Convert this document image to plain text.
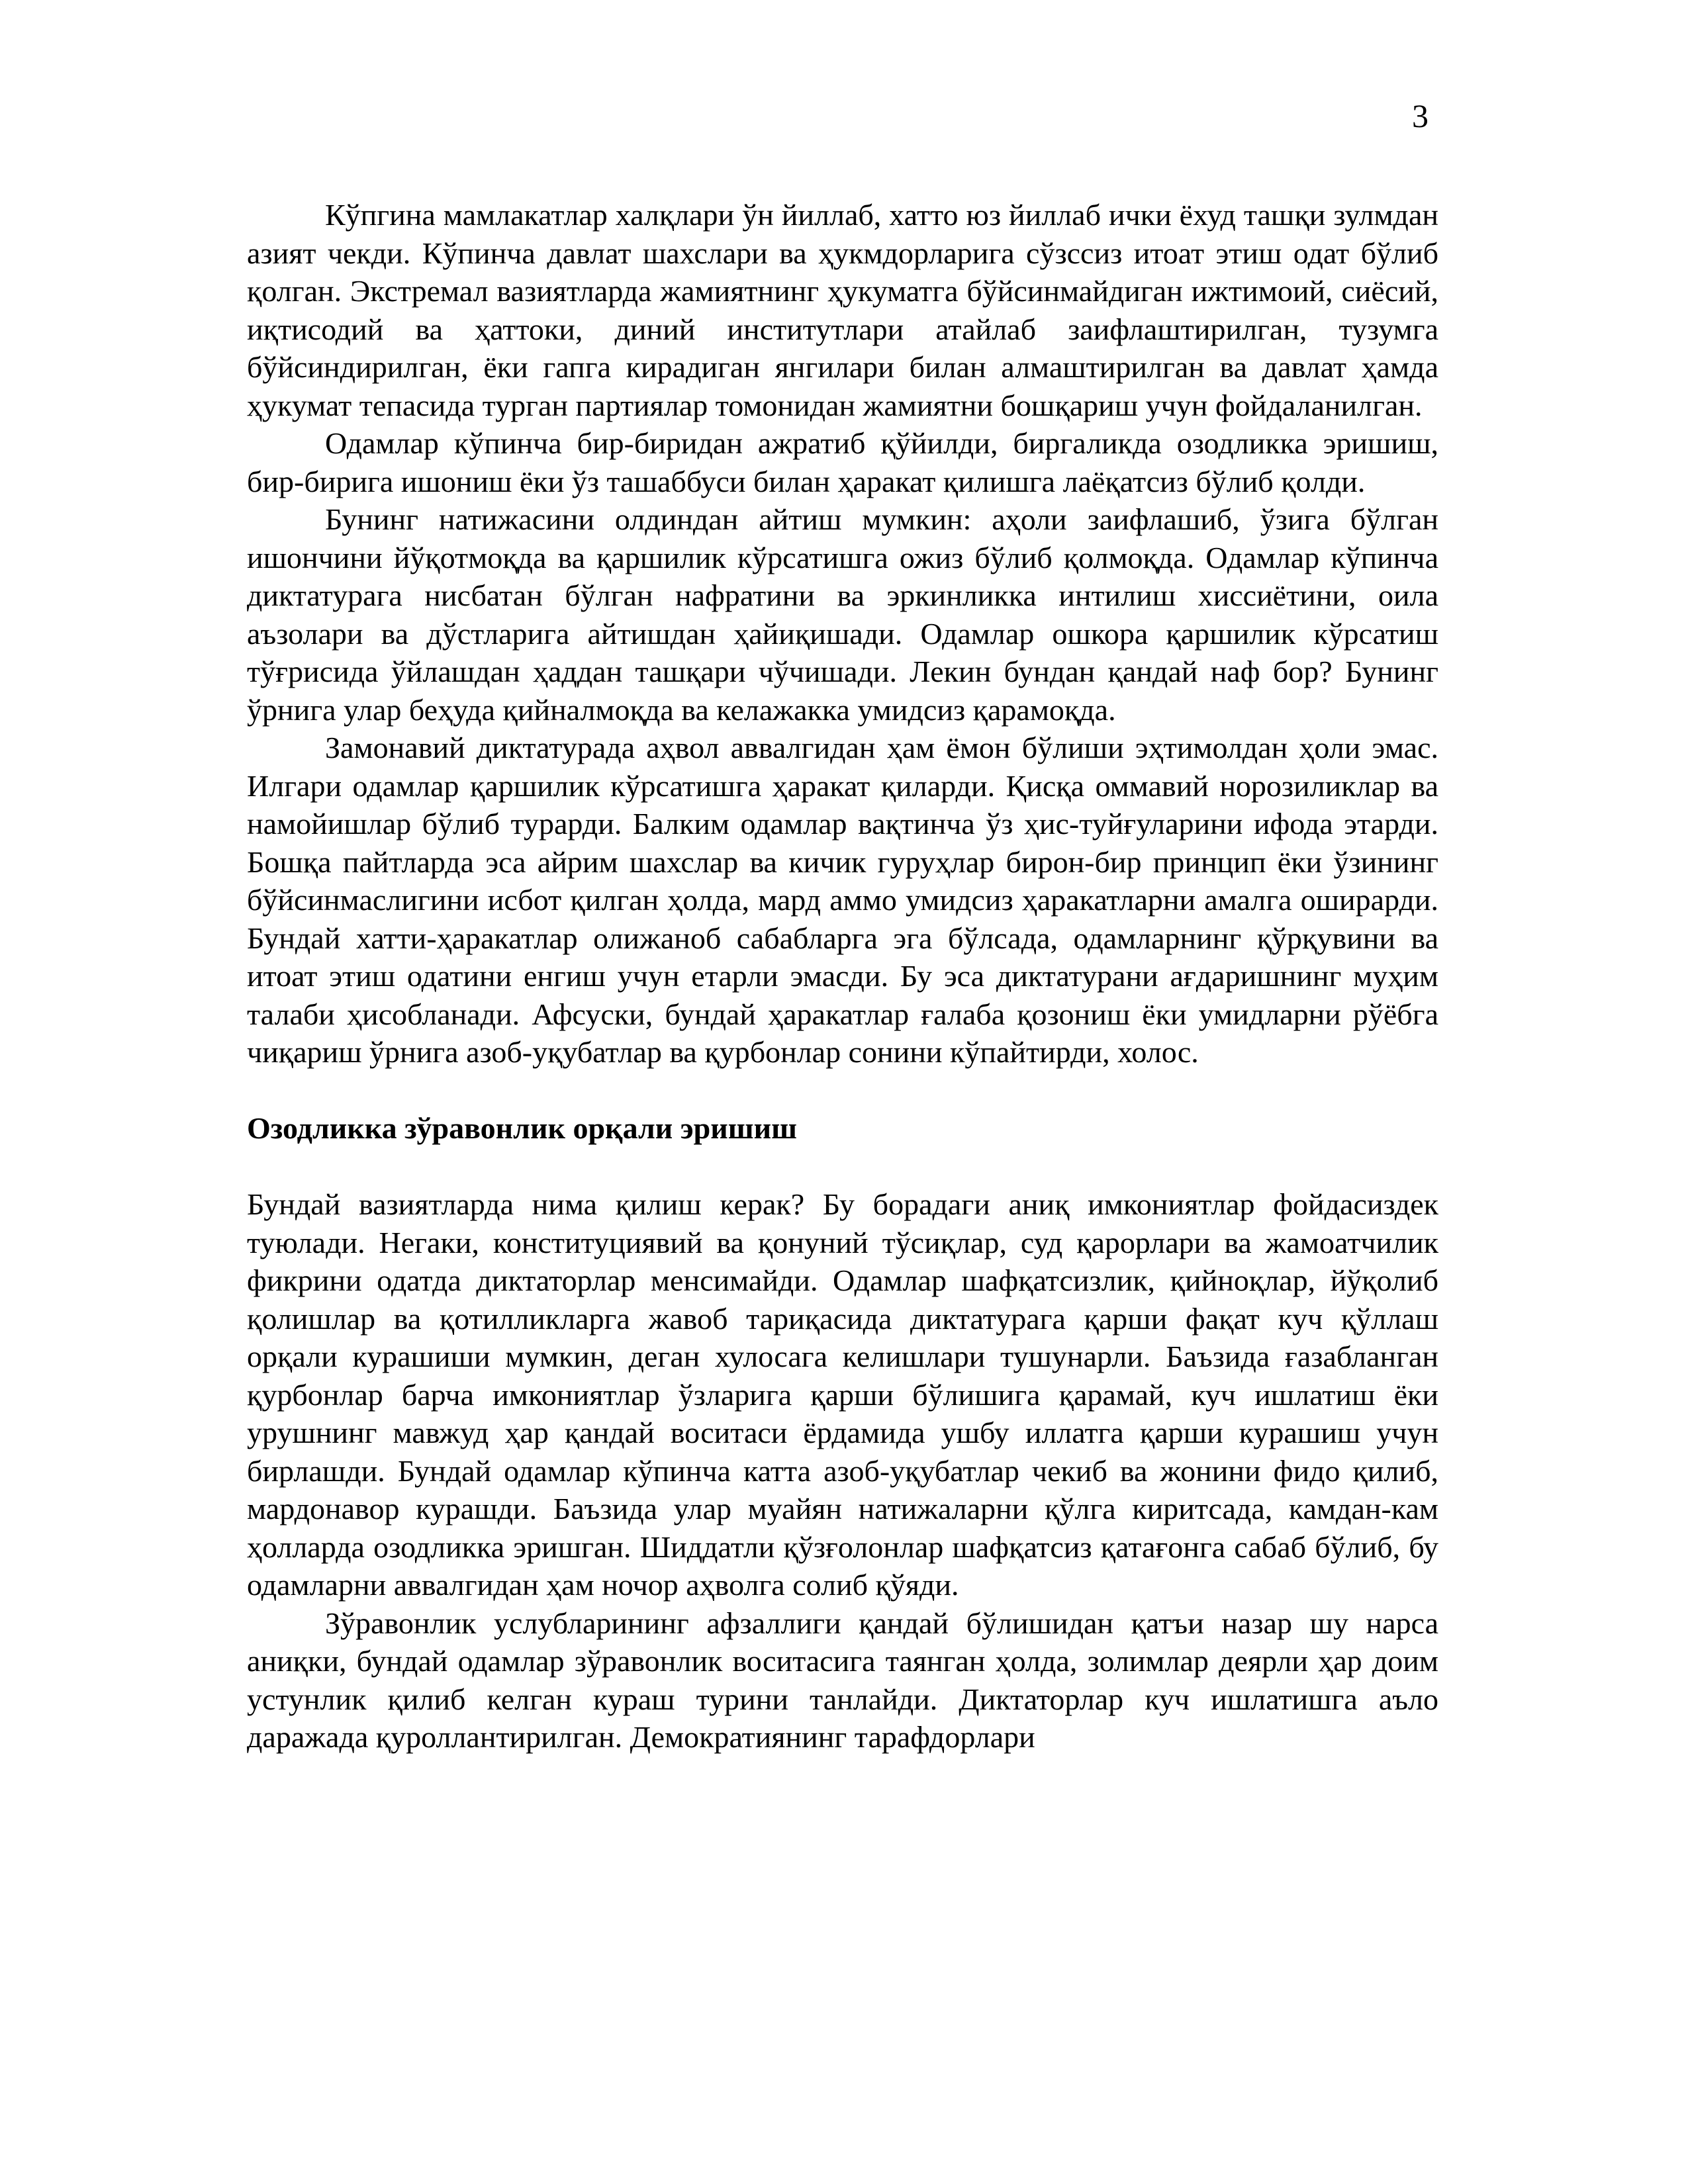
3

Кўпгина мамлакатлар халқлари ўн йиллаб, хатто юз йиллаб ички ёхуд ташқи зулмдан азият чекди. Кўпинча давлат шахслари ва ҳукмдорларига сўзссиз итоат этиш одат бўлиб қолган. Экстремал вазиятларда жамиятнинг ҳукуматга бўйсинмайдиган ижтимоий, сиёсий, иқтисодий ва ҳаттоки, диний институтлари атайлаб заифлаштирилган, тузумга бўйсиндирилган, ёки гапга кирадиган янгилари билан алмаштирилган ва давлат ҳамда ҳукумат тепасида турган партиялар томонидан жамиятни бошқариш учун фойдаланилган.

Одамлар кўпинча бир-биридан ажратиб қўйилди, биргаликда озодликка эришиш, бир-бирига ишониш ёки ўз ташаббуси билан ҳаракат қилишга лаёқатсиз бўлиб қолди.

Бунинг натижасини олдиндан айтиш мумкин: аҳоли заифлашиб, ўзига бўлган ишончини йўқотмоқда ва қаршилик кўрсатишга ожиз бўлиб қолмоқда. Одамлар кўпинча диктатурага нисбатан бўлган нафратини ва эркинликка интилиш хиссиётини, оила аъзолари ва дўстларига айтишдан ҳайиқишади. Одамлар ошкора қаршилик кўрсатиш тўғрисида ўйлашдан ҳаддан ташқари чўчишади. Лекин бундан қандай наф бор? Бунинг ўрнига улар беҳуда қийналмоқда ва келажакка умидсиз қарамоқда.

Замонавий диктатурада аҳвол аввалгидан ҳам ёмон бўлиши эҳтимолдан ҳоли эмас. Илгари одамлар қаршилик кўрсатишга ҳаракат қиларди. Қисқа оммавий норозиликлар ва намойишлар бўлиб турарди. Балким одамлар вақтинча ўз ҳис-туйғуларини ифода этарди. Бошқа пайтларда эса айрим шахслар ва кичик гуруҳлар бирон-бир принцип ёки ўзининг бўйсинмаслигини исбот қилган ҳолда, мард аммо умидсиз ҳаракатларни амалга оширарди. Бундай хатти-ҳаракатлар олижаноб сабабларга эга бўлсада, одамларнинг қўрқувини ва итоат этиш одатини енгиш учун етарли эмасди. Бу эса диктатурани ағдаришнинг муҳим талаби ҳисобланади. Афсуски, бундай ҳаракатлар ғалаба қозониш ёки умидларни рўёбга чиқариш ўрнига азоб-уқубатлар ва қурбонлар сонини кўпайтирди, холос.

Озодликка зўравонлик орқали эришиш

Бундай вазиятларда нима қилиш керак? Бу борадаги аниқ имкониятлар фойдасиздек туюлади. Негаки, конституциявий ва қонуний тўсиқлар, суд қарорлари ва жамоатчилик фикрини одатда диктаторлар менсимайди. Одамлар шафқатсизлик, қийноқлар, йўқолиб қолишлар ва қотилликларга жавоб тариқасида диктатурага қарши фақат куч қўллаш орқали курашиши мумкин, деган хулосага келишлари тушунарли. Баъзида ғазабланган қурбонлар барча имкониятлар ўзларига қарши бўлишига қарамай, куч ишлатиш ёки урушнинг мавжуд ҳар қандай воситаси ёрдамида ушбу иллатга қарши курашиш учун бирлашди. Бундай одамлар кўпинча катта азоб-уқубатлар чекиб ва жонини фидо қилиб, мардонавор курашди. Баъзида улар муайян натижаларни қўлга киритсада, камдан-кам ҳолларда озодликка эришган. Шиддатли қўзғолонлар шафқатсиз қатағонга сабаб бўлиб, бу одамларни аввалгидан ҳам ночор аҳволга солиб қўяди.

Зўравонлик услубларининг афзаллиги қандай бўлишидан қатъи назар шу нарса аниқки, бундай одамлар зўравонлик воситасига таянган ҳолда, золимлар деярли ҳар доим устунлик қилиб келган кураш турини танлайди. Диктаторлар куч ишлатишга аъло даражада қуроллантирилган. Демократиянинг тарафдорлари
